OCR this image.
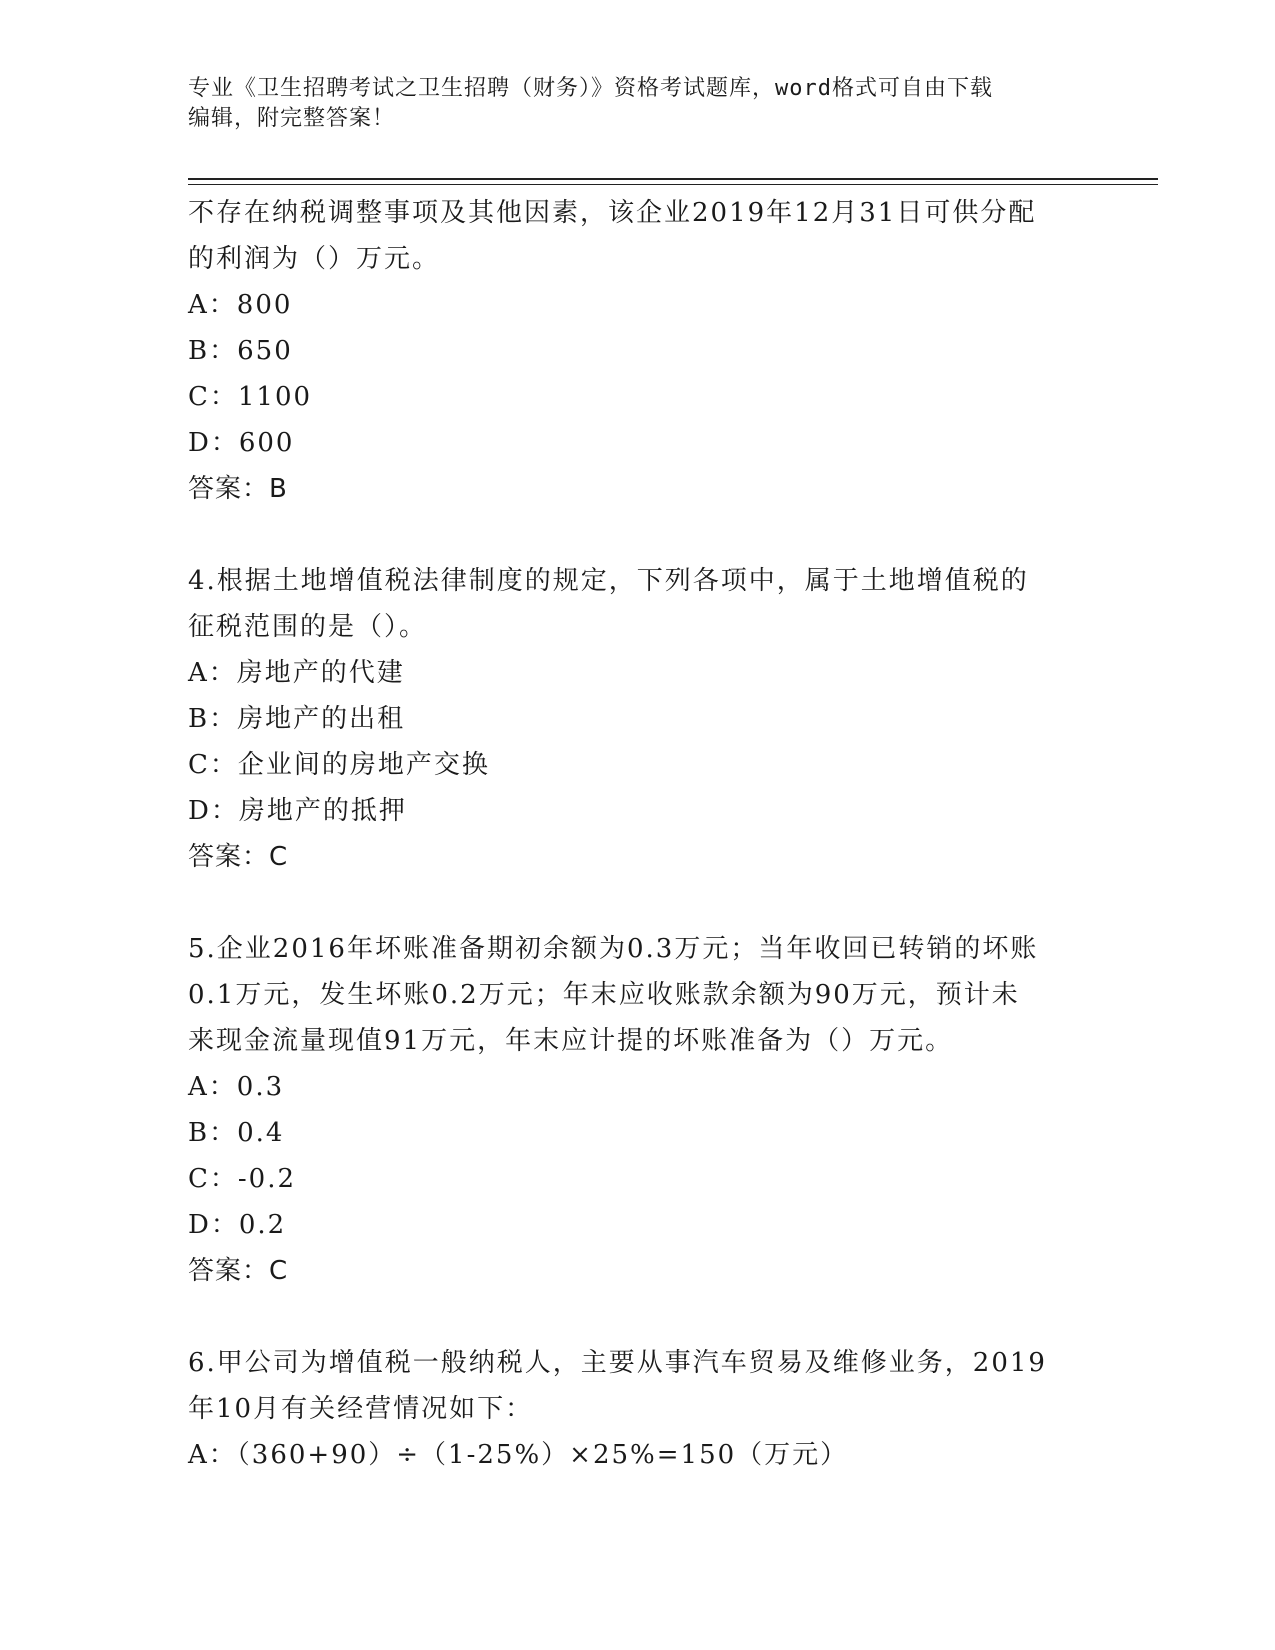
专业《卫生招聘考试之卫生招聘（财务）》资格考试题库，word格式可自由下载
编辑，附完整答案！
不存在纳税调整事项及其他因素，该企业2019年12月31日可供分配
的利润为（）万元。
A：800
B：650
C：1100
D：600
答案：B
4.根据土地增值税法律制度的规定，下列各项中，属于土地增值税的
征税范围的是（）。
A：房地产的代建
B：房地产的出租
C：企业间的房地产交换
D：房地产的抵押
答案：C
5.企业2016年坏账准备期初余额为0.3万元；当年收回已转销的坏账
0.1万元，发生坏账0.2万元；年末应收账款余额为90万元，预计未
来现金流量现值91万元，年末应计提的坏账准备为（）万元。
A：0.3
B：0.4
C：-0.2
D：0.2
答案：C
6.甲公司为增值税一般纳税人，主要从事汽车贸易及维修业务，2019
年10月有关经营情况如下：
A：（360+90）÷（1-25%）×25%=150（万元）
